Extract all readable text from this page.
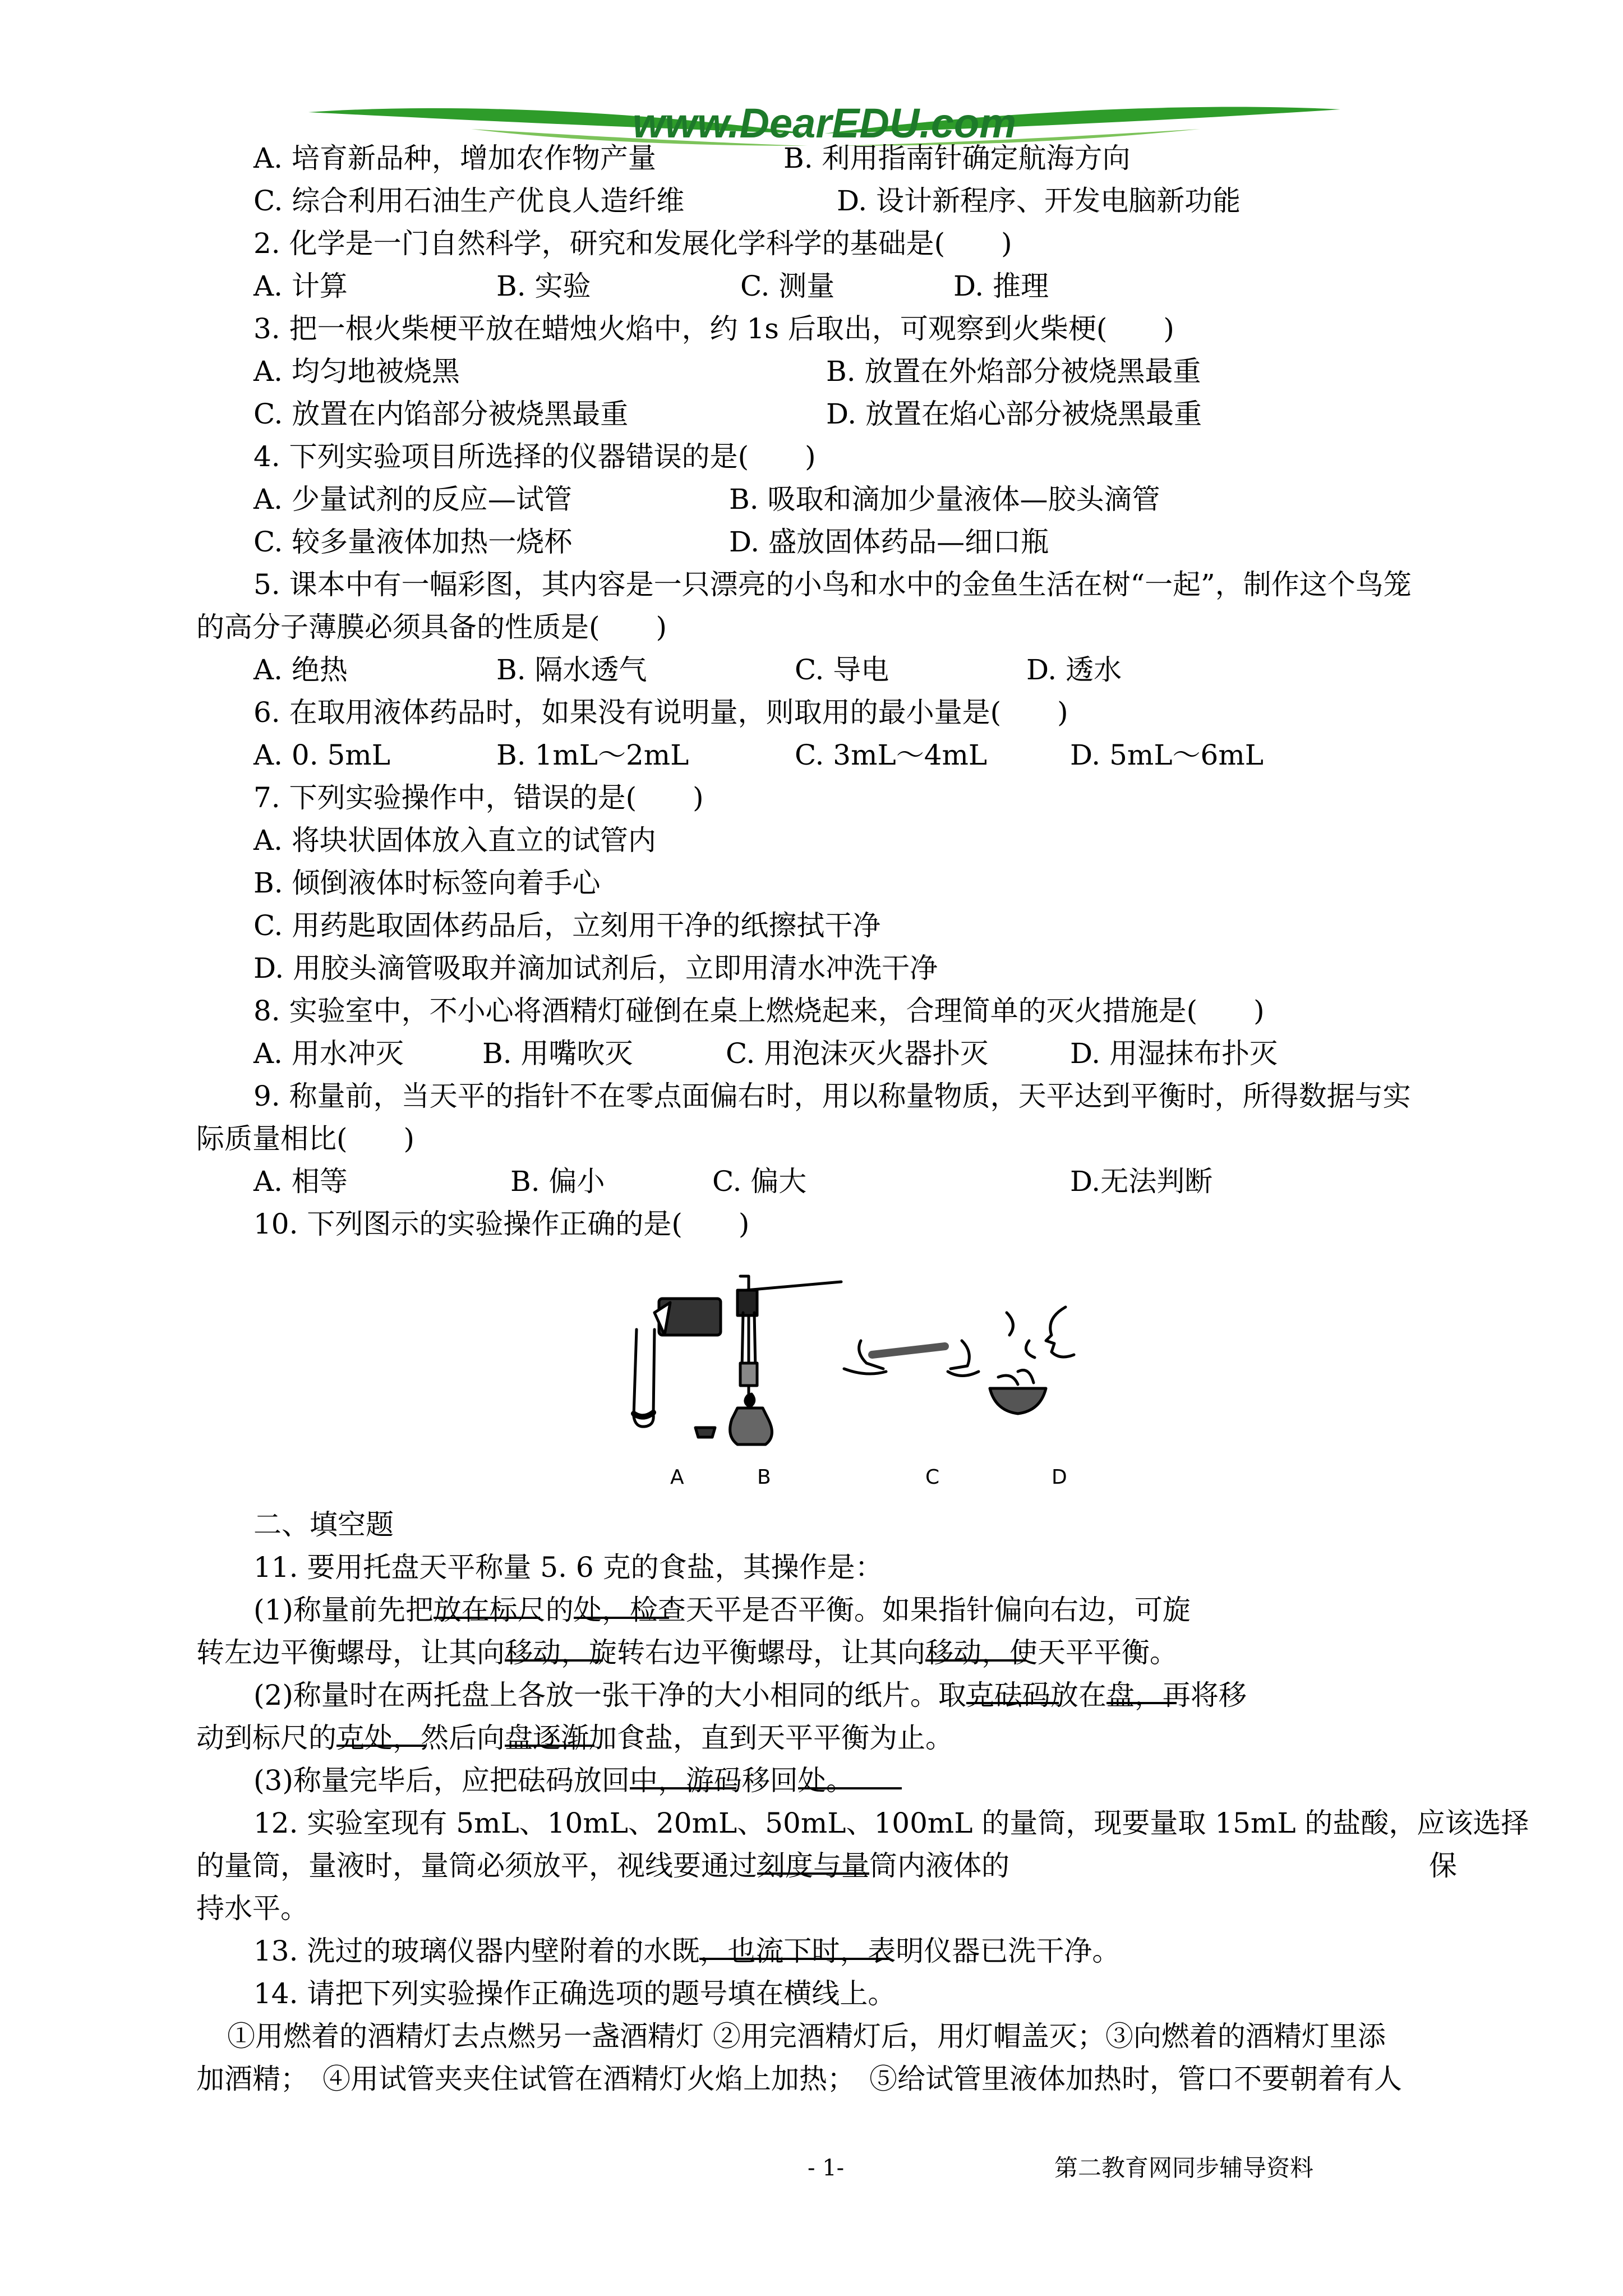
www.DearEDU.com
A. 培育新品种，增加农作物产量	B. 利用指南针确定航海方向
C. 综合利用石油生产优良人造纤维	D. 设计新程序、开发电脑新功能
2. 化学是一门自然科学，研究和发展化学科学的基础是(　　)
A. 计算	B. 实验	C. 测量	D. 推理
3. 把一根火柴梗平放在蜡烛火焰中，约 1s 后取出，可观察到火柴梗(　　)
A. 均匀地被烧黑	B. 放置在外焰部分被烧黑最重
C. 放置在内馅部分被烧黑最重	D. 放置在焰心部分被烧黑最重
4. 下列实验项目所选择的仪器错误的是(　　)
A. 少量试剂的反应—试管	B. 吸取和滴加少量液体—胶头滴管
C. 较多量液体加热一烧杯	D. 盛放固体药品—细口瓶
5. 课本中有一幅彩图，其内容是一只漂亮的小鸟和水中的金鱼生活在树“一起”，制作这个鸟笼
的高分子薄膜必须具备的性质是(　　)
A. 绝热	B. 隔水透气	C. 导电	D. 透水
6. 在取用液体药品时，如果没有说明量，则取用的最小量是(　　)
A. 0. 5mL	B. 1mL～2mL	C. 3mL～4mL	D. 5mL～6mL
7. 下列实验操作中，错误的是(　　)
A. 将块状固体放入直立的试管内
B. 倾倒液体时标签向着手心
C. 用药匙取固体药品后，立刻用干净的纸擦拭干净
D. 用胶头滴管吸取并滴加试剂后，立即用清水冲洗干净
8. 实验室中，不小心将酒精灯碰倒在桌上燃烧起来，合理简单的灭火措施是(　　)
A. 用水冲灭	B. 用嘴吹灭	C. 用泡沫灭火器扑灭	D. 用湿抹布扑灭
9. 称量前，当天平的指针不在零点面偏右时，用以称量物质，天平达到平衡时，所得数据与实
际质量相比(　　)
A. 相等	B. 偏小	C. 偏大	D.无法判断
10. 下列图示的实验操作正确的是(　　)
A	B	C	D
二、填空题
11. 要用托盘天平称量 5. 6 克的食盐，其操作是：
(1)称量前先把
放在标尺的
处，检查天平是否平衡。如果指针偏向右边，可旋
转左边平衡螺母，让其向
移动，旋转右边平衡螺母，让其向
移动，使天平平衡。
(2)称量时在两托盘上各放一张干净的大小相同的纸片。取
克砝码放在
盘，再将移
动到标尺的
克处，然后向
盘逐渐加食盐，直到天平平衡为止。
(3)称量完毕后，应把砝码放回
中，游码移回
处。
12. 实验室现有 5mL、10mL、20mL、50mL、100mL 的量筒，现要量取 15mL 的盐酸，应该选择
的量筒，量液时，量筒必须放平，视线要通过
刻度与量筒内液体的	保
持水平。
13. 洗过的玻璃仪器内壁附着的水既
，也
流下时，表明仪器已洗干净。
14. 请把下列实验操作正确选项的题号填在横线上。
①用燃着的酒精灯去点燃另一盏酒精灯 ②用完酒精灯后，用灯帽盖灭；③向燃着的酒精灯里添
加酒精；　④用试管夹夹住试管在酒精灯火焰上加热；　⑤给试管里液体加热时，管口不要朝着有人
- 1-	第二教育网同步辅导资料
